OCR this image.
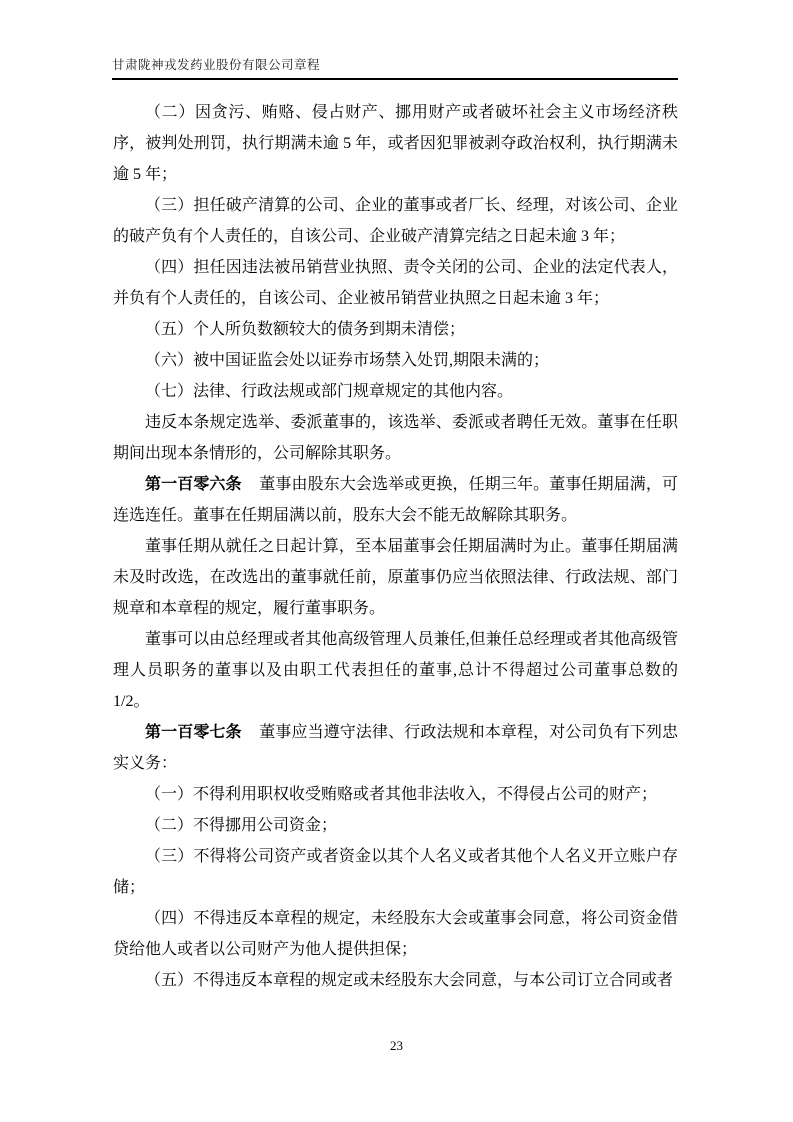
甘肃陇神戎发药业股份有限公司章程

（二）因贪污、贿赂、侵占财产、挪用财产或者破坏社会主义市场经济秩序，被判处刑罚，执行期满未逾 5 年，或者因犯罪被剥夺政治权利，执行期满未逾 5 年；

（三）担任破产清算的公司、企业的董事或者厂长、经理，对该公司、企业的破产负有个人责任的，自该公司、企业破产清算完结之日起未逾 3 年；

（四）担任因违法被吊销营业执照、责令关闭的公司、企业的法定代表人，并负有个人责任的，自该公司、企业被吊销营业执照之日起未逾 3 年；

（五）个人所负数额较大的债务到期未清偿；

（六）被中国证监会处以证券市场禁入处罚,期限未满的；

（七）法律、行政法规或部门规章规定的其他内容。

违反本条规定选举、委派董事的，该选举、委派或者聘任无效。董事在任职期间出现本条情形的，公司解除其职务。

第一百零六条 董事由股东大会选举或更换，任期三年。董事任期届满，可连选连任。董事在任期届满以前，股东大会不能无故解除其职务。

董事任期从就任之日起计算，至本届董事会任期届满时为止。董事任期届满未及时改选，在改选出的董事就任前，原董事仍应当依照法律、行政法规、部门规章和本章程的规定，履行董事职务。

董事可以由总经理或者其他高级管理人员兼任,但兼任总经理或者其他高级管理人员职务的董事以及由职工代表担任的董事,总计不得超过公司董事总数的 1/2。

第一百零七条 董事应当遵守法律、行政法规和本章程，对公司负有下列忠实义务：

（一）不得利用职权收受贿赂或者其他非法收入，不得侵占公司的财产；

（二）不得挪用公司资金；

（三）不得将公司资产或者资金以其个人名义或者其他个人名义开立账户存储；

（四）不得违反本章程的规定，未经股东大会或董事会同意，将公司资金借贷给他人或者以公司财产为他人提供担保；

（五）不得违反本章程的规定或未经股东大会同意，与本公司订立合同或者

23
